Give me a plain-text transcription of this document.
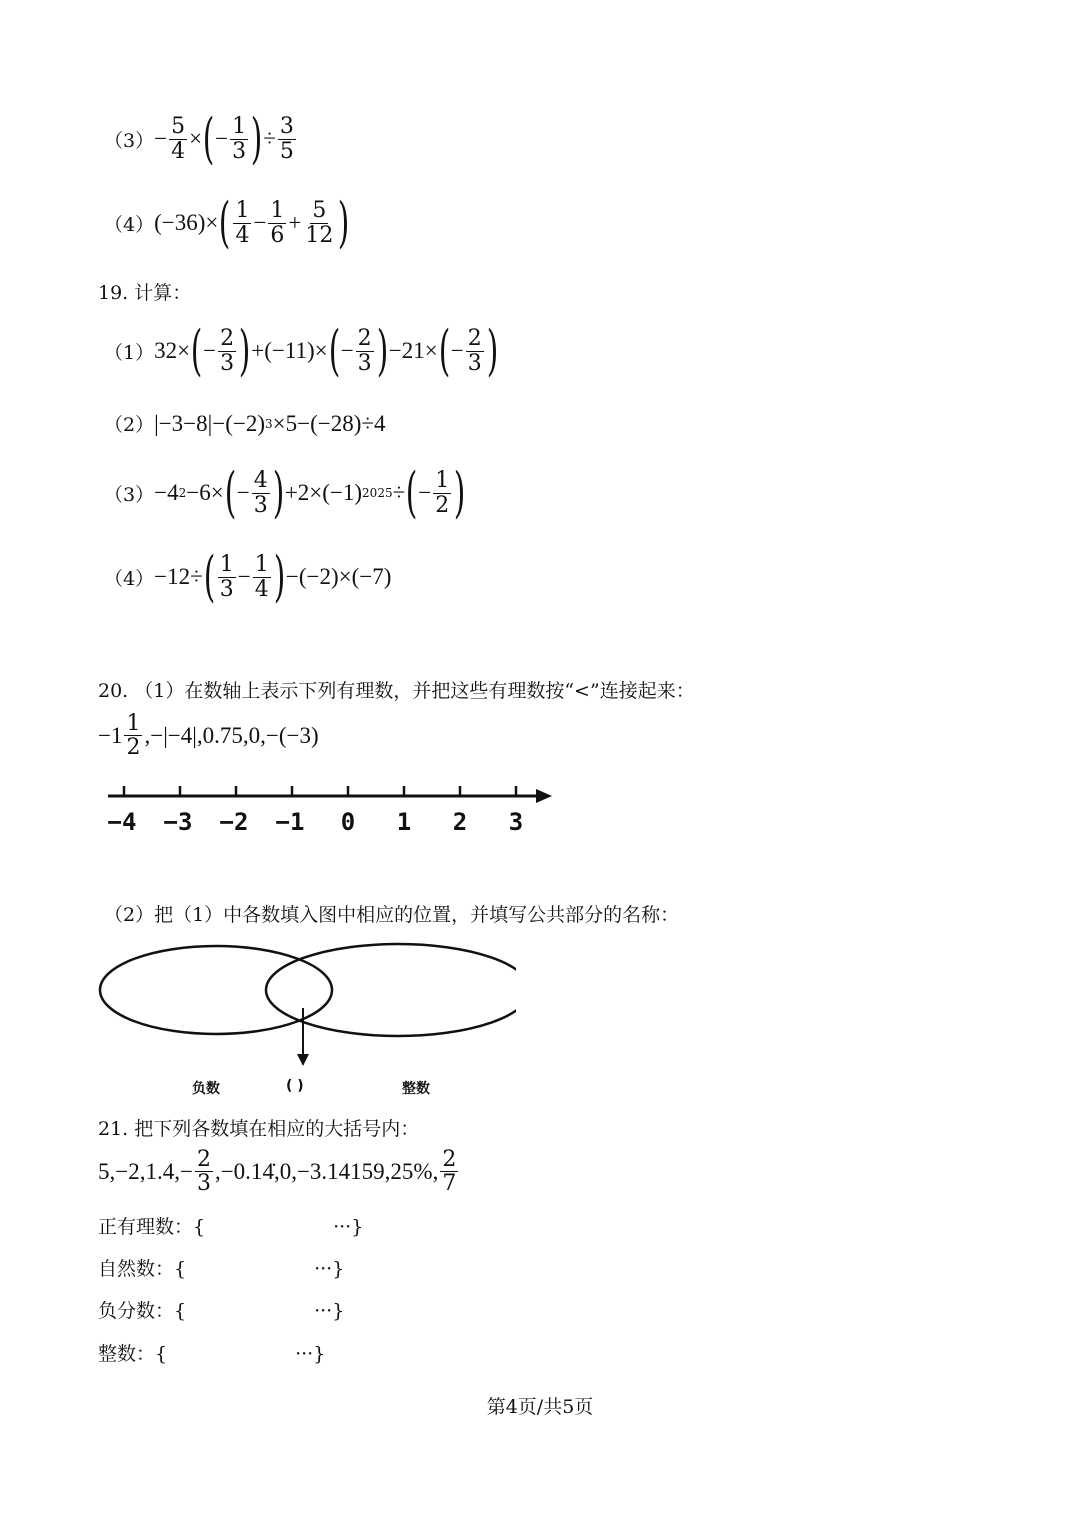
$(3) - \frac{5}{4}$ × ( − $\frac{1}{3}$ ) ÷ $\frac{3}{5}$
（4） (−36)× ( $\frac{1}{4} - \frac{1}{6} + \frac{5}{12}$ )
19. 计算：
（1） 32× ( − $\frac{2}{3}$ ) +(−11)× ( − $\frac{2}{3}$ ) −21× ( − $\frac{2}{3}$ )
（2） |−3−8|−(−2) 3 ×5−(−28)÷4
（3） −4 2 −6× ( − $\frac{4}{3}$ ) +2×(−1) 2025 ÷ ( − $\frac{1}{2}$ )
（4） −12÷ ( $\frac{1}{3} - \frac{1}{4}$ ) −(−2)×(−7)
20. （1）在数轴上表示下列有理数，并把这些有理数按“<”连接起来：
$-1 \frac{1}{2} ,-|-4|,0.75,0,-(-3)$
−4 −3 −2 −1	0	1	2	3
（2）把（1）中各数填入图中相应的位置，并填写公共部分的名称：
负数	( )	整数
21. 把下列各数填在相应的大括号内：
$5,-2,1.4,- \frac{2}{3} ,-0.1$ 4̇ ,0,−3.14159,25%, $\frac{2}{7}$
正有理数：{	···}
自然数：{	···}
负分数：{	···}
整数：{	···}
第4页/共5页
